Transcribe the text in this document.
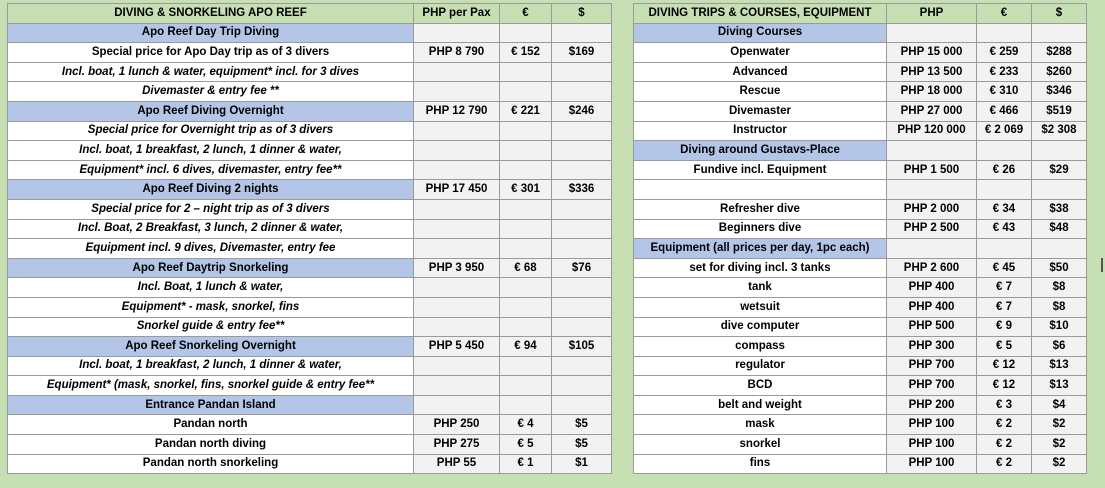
DIVING & SNORKELING APO REEF	PHP per Pax	€	$
Apo Reef Day Trip Diving			
Special price for Apo Day trip as of 3 divers	PHP 8 790	€ 152	$169
Incl. boat, 1 lunch & water, equipment* incl. for 3 dives			
Divemaster & entry fee **			
Apo Reef Diving Overnight	PHP 12 790	€ 221	$246
Special price for Overnight trip as of 3 divers			
Incl. boat, 1 breakfast, 2 lunch, 1 dinner & water,			
Equipment* incl. 6 dives, divemaster, entry fee**			
Apo Reef Diving 2 nights	PHP 17 450	€ 301	$336
Special price for 2 – night trip as of 3 divers			
Incl. Boat, 2 Breakfast, 3 lunch, 2 dinner & water,			
Equipment incl. 9 dives, Divemaster, entry fee			
Apo Reef Daytrip Snorkeling	PHP 3 950	€ 68	$76
Incl. Boat, 1 lunch & water,			
Equipment* - mask, snorkel, fins			
Snorkel guide & entry fee**			
Apo Reef Snorkeling Overnight	PHP 5 450	€ 94	$105
Incl. boat, 1 breakfast, 2 lunch, 1 dinner & water,			
Equipment* (mask, snorkel, fins, snorkel guide & entry fee**			
Entrance Pandan Island			
Pandan north	PHP 250	€ 4	$5
Pandan north diving	PHP 275	€ 5	$5
Pandan north snorkeling	PHP 55	€ 1	$1
DIVING TRIPS & COURSES, EQUIPMENT	PHP	€	$
Diving Courses			
Openwater	PHP 15 000	€ 259	$288
Advanced	PHP 13 500	€ 233	$260
Rescue	PHP 18 000	€ 310	$346
Divemaster	PHP 27 000	€ 466	$519
Instructor	PHP 120 000	€ 2 069	$2 308
Diving around Gustavs-Place			
Fundive incl. Equipment	PHP 1 500	€ 26	$29

Refresher dive	PHP 2 000	€ 34	$38
Beginners dive	PHP 2 500	€ 43	$48
Equipment (all prices per day, 1pc each)			
set for diving incl. 3 tanks	PHP 2 600	€ 45	$50
tank	PHP 400	€ 7	$8
wetsuit	PHP 400	€ 7	$8
dive computer	PHP 500	€ 9	$10
compass	PHP 300	€ 5	$6
regulator	PHP 700	€ 12	$13
BCD	PHP 700	€ 12	$13
belt and weight	PHP 200	€ 3	$4
mask	PHP 100	€ 2	$2
snorkel	PHP 100	€ 2	$2
fins	PHP 100	€ 2	$2
